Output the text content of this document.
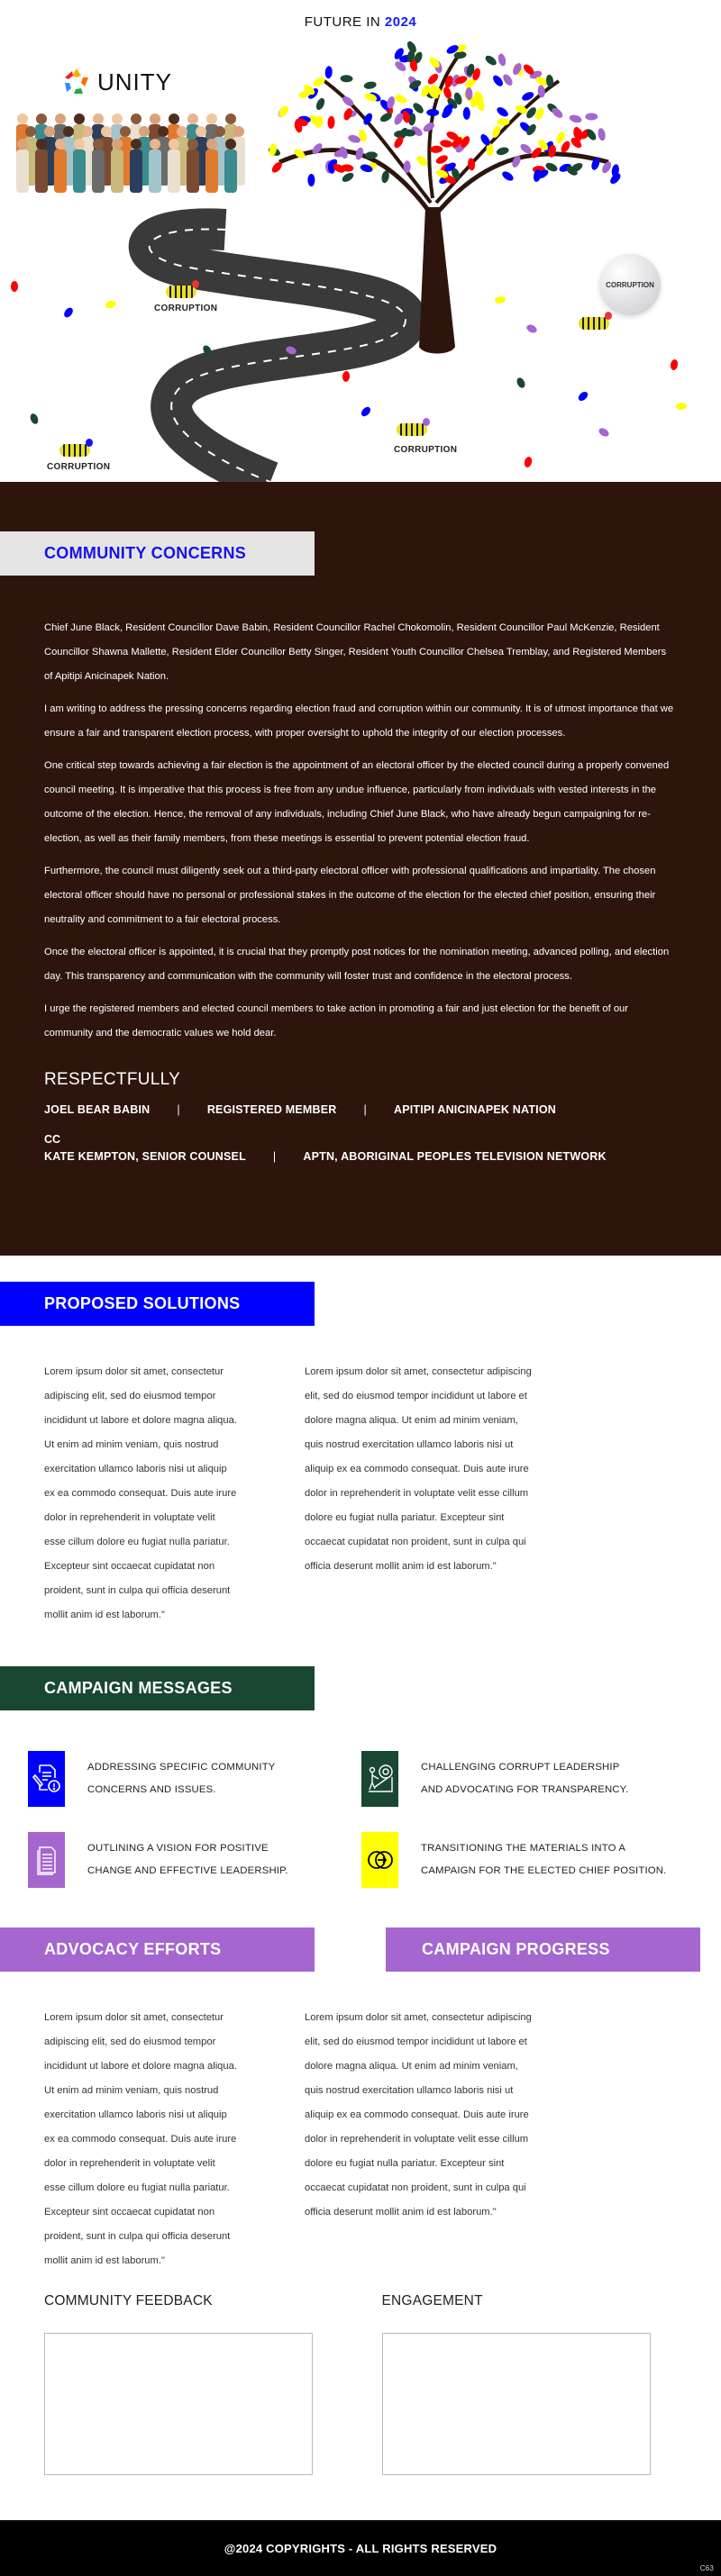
FUTURE IN 2024
UNITY
CORRUPTION
CORRUPTION
CORRUPTION
CORRUPTION
COMMUNITY CONCERNS

Chief June Black, Resident Councillor Dave Babin, Resident Councillor Rachel Chokomolin, Resident Councillor Paul McKenzie, Resident Councillor Shawna Mallette, Resident Elder Councillor Betty Singer, Resident Youth Councillor Chelsea Tremblay, and Registered Members of Apitipi Anicinapek Nation.

I am writing to address the pressing concerns regarding election fraud and corruption within our community. It is of utmost importance that we ensure a fair and transparent election process, with proper oversight to uphold the integrity of our election processes.

One critical step towards achieving a fair election is the appointment of an electoral officer by the elected council during a properly convened council meeting. It is imperative that this process is free from any undue influence, particularly from individuals with vested interests in the outcome of the election. Hence, the removal of any individuals, including Chief June Black, who have already begun campaigning for re-election, as well as their family members, from these meetings is essential to prevent potential election fraud.

Furthermore, the council must diligently seek out a third-party electoral officer with professional qualifications and impartiality. The chosen electoral officer should have no personal or professional stakes in the outcome of the election for the elected chief position, ensuring their neutrality and commitment to a fair electoral process.

Once the electoral officer is appointed, it is crucial that they promptly post notices for the nomination meeting, advanced polling, and election day. This transparency and communication with the community will foster trust and confidence in the electoral process.

I urge the registered members and elected council members to take action in promoting a fair and just election for the benefit of our community and the democratic values we hold dear.

RESPECTFULLY
JOEL BEAR BABIN | REGISTERED MEMBER | APITIPI ANICINAPEK NATION
CC
KATE KEMPTON, SENIOR COUNSEL | APTN, ABORIGINAL PEOPLES TELEVISION NETWORK
PROPOSED SOLUTIONS
Lorem ipsum dolor sit amet, consectetur adipiscing elit, sed do eiusmod tempor incididunt ut labore et dolore magna aliqua. Ut enim ad minim veniam, quis nostrud exercitation ullamco laboris nisi ut aliquip ex ea commodo consequat. Duis aute irure dolor in reprehenderit in voluptate velit esse cillum dolore eu fugiat nulla pariatur. Excepteur sint occaecat cupidatat non proident, sunt in culpa qui officia deserunt mollit anim id est laborum."
Lorem ipsum dolor sit amet, consectetur adipiscing elit, sed do eiusmod tempor incididunt ut labore et dolore magna aliqua. Ut enim ad minim veniam, quis nostrud exercitation ullamco laboris nisi ut aliquip ex ea commodo consequat. Duis aute irure dolor in reprehenderit in voluptate velit esse cillum dolore eu fugiat nulla pariatur. Excepteur sint occaecat cupidatat non proident, sunt in culpa qui officia deserunt mollit anim id est laborum."
CAMPAIGN MESSAGES
ADDRESSING SPECIFIC COMMUNITY
CONCERNS AND ISSUES.
CHALLENGING CORRUPT LEADERSHIP
AND ADVOCATING FOR TRANSPARENCY.
OUTLINING A VISION FOR POSITIVE
CHANGE AND EFFECTIVE LEADERSHIP.
TRANSITIONING THE MATERIALS INTO A
CAMPAIGN FOR THE ELECTED CHIEF POSITION.
ADVOCACY EFFORTS	CAMPAIGN PROGRESS
Lorem ipsum dolor sit amet, consectetur adipiscing elit, sed do eiusmod tempor incididunt ut labore et dolore magna aliqua. Ut enim ad minim veniam, quis nostrud exercitation ullamco laboris nisi ut aliquip ex ea commodo consequat. Duis aute irure dolor in reprehenderit in voluptate velit esse cillum dolore eu fugiat nulla pariatur. Excepteur sint occaecat cupidatat non proident, sunt in culpa qui officia deserunt mollit anim id est laborum."
Lorem ipsum dolor sit amet, consectetur adipiscing elit, sed do eiusmod tempor incididunt ut labore et dolore magna aliqua. Ut enim ad minim veniam, quis nostrud exercitation ullamco laboris nisi ut aliquip ex ea commodo consequat. Duis aute irure dolor in reprehenderit in voluptate velit esse cillum dolore eu fugiat nulla pariatur. Excepteur sint occaecat cupidatat non proident, sunt in culpa qui officia deserunt mollit anim id est laborum."
COMMUNITY FEEDBACK	ENGAGEMENT
@2024 COPYRIGHTS - ALL RIGHTS RESERVED
C63
